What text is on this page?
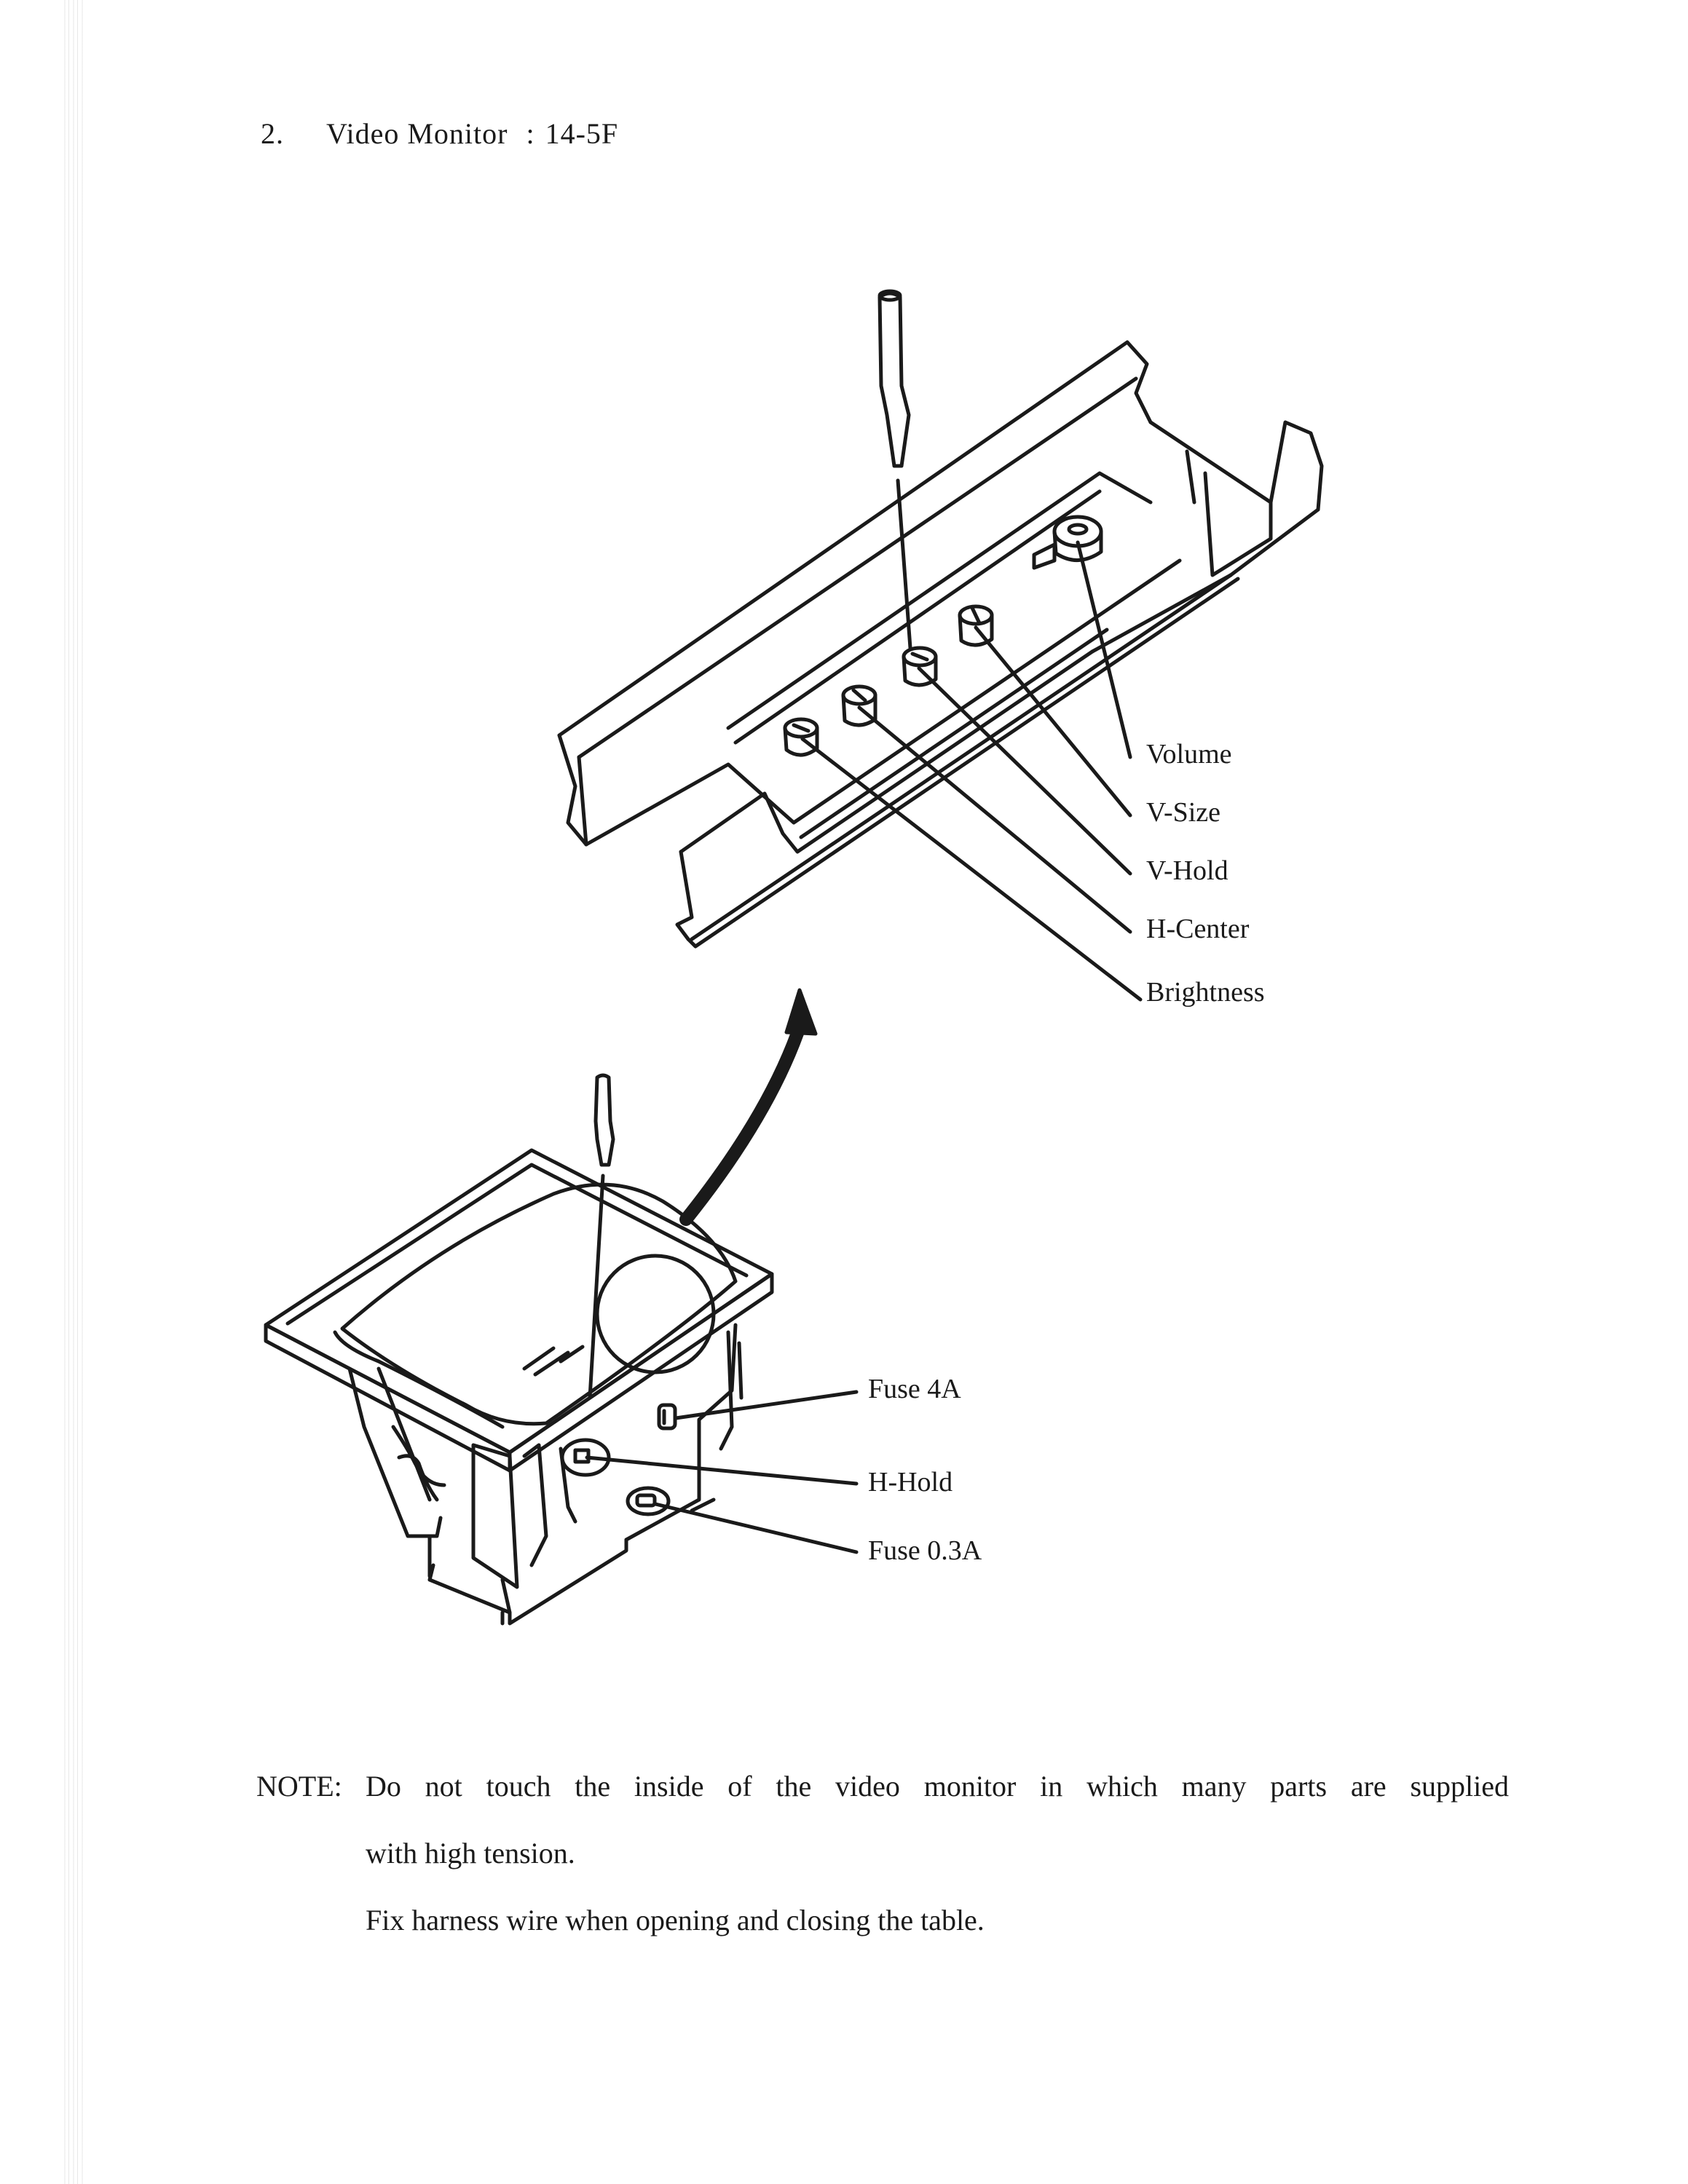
2. Video Monitor : 14-5F
Volume
V-Size
V-Hold
H-Center
Brightness
Fuse 4A
H-Hold
Fuse 0.3A
NOTE: Do not touch the inside of the video monitor in which many parts are supplied
with high tension.
Fix harness wire when opening and closing the table.
